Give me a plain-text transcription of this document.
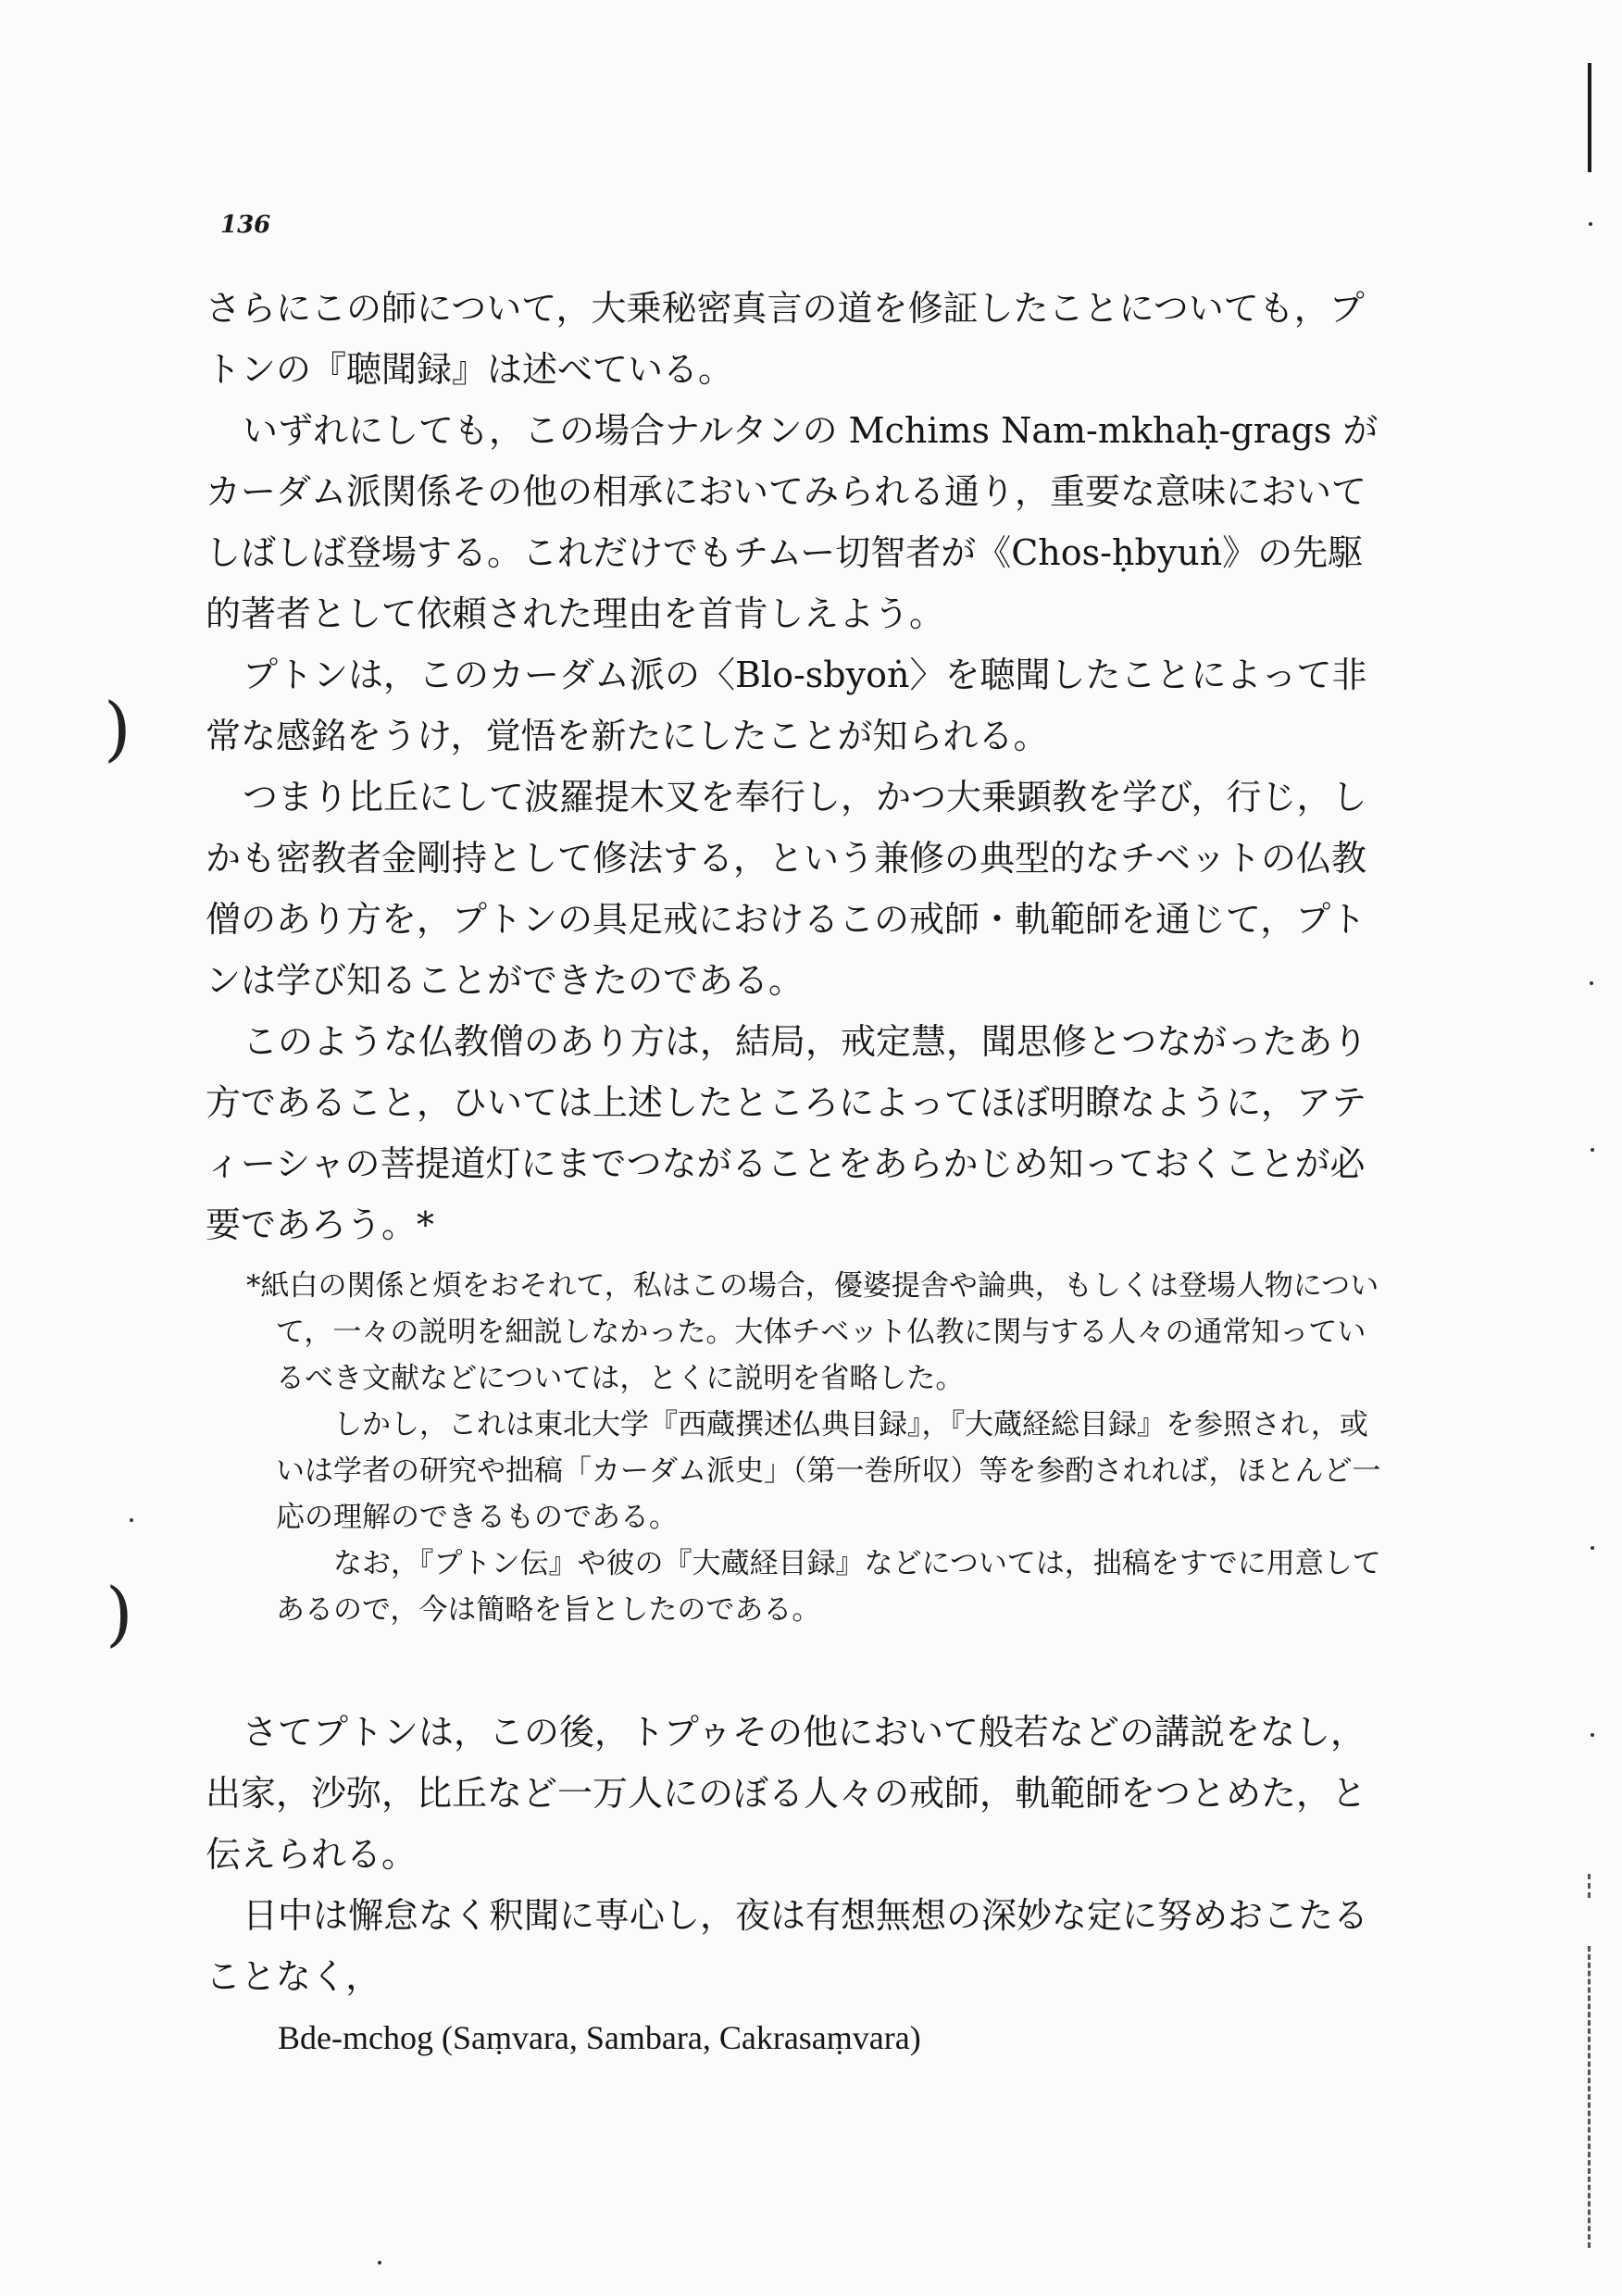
)
)
136

さらにこの師について，大乗秘密真言の道を修証したことについても，プトンの『聴聞録』は述べている。

いずれにしても，この場合ナルタンの Mchims Nam-mkhaḥ-grags がカーダム派関係その他の相承においてみられる通り，重要な意味においてしばしば登場する。これだけでもチムー切智者が《Chos-ḥbyuṅ》の先駆的著者として依頼された理由を首肯しえよう。

プトンは，このカーダム派の〈Blo-sbyoṅ〉を聴聞したことによって非常な感銘をうけ，覚悟を新たにしたことが知られる。

つまり比丘にして波羅提木叉を奉行し，かつ大乗顕教を学び，行じ，しかも密教者金剛持として修法する，という兼修の典型的なチベットの仏教僧のあり方を，プトンの具足戒におけるこの戒師・軌範師を通じて，プトンは学び知ることができたのである。

このような仏教僧のあり方は，結局，戒定慧，聞思修とつながったあり方であること，ひいては上述したところによってほぼ明瞭なように，アティーシャの菩提道灯にまでつながることをあらかじめ知っておくことが必要であろう。*

*紙白の関係と煩をおそれて，私はこの場合，優婆提舎や論典，もしくは登場人物について，一々の説明を細説しなかった。大体チベット仏教に関与する人々の通常知っているべき文献などについては，とくに説明を省略した。

しかし，これは東北大学『西蔵撰述仏典目録』，『大蔵経総目録』を参照され，或いは学者の研究や拙稿「カーダム派史」（第一巻所収）等を参酌されれば，ほとんど一応の理解のできるものである。

なお，『プトン伝』や彼の『大蔵経目録』などについては，拙稿をすでに用意してあるので，今は簡略を旨としたのである。

さてプトンは，この後，トプゥその他において般若などの講説をなし，出家，沙弥，比丘など一万人にのぼる人々の戒師，軌範師をつとめた，と伝えられる。

日中は懈怠なく釈聞に専心し，夜は有想無想の深妙な定に努めおこたることなく，

Bde-mchog (Saṃvara, Sambara, Cakrasaṃvara)
